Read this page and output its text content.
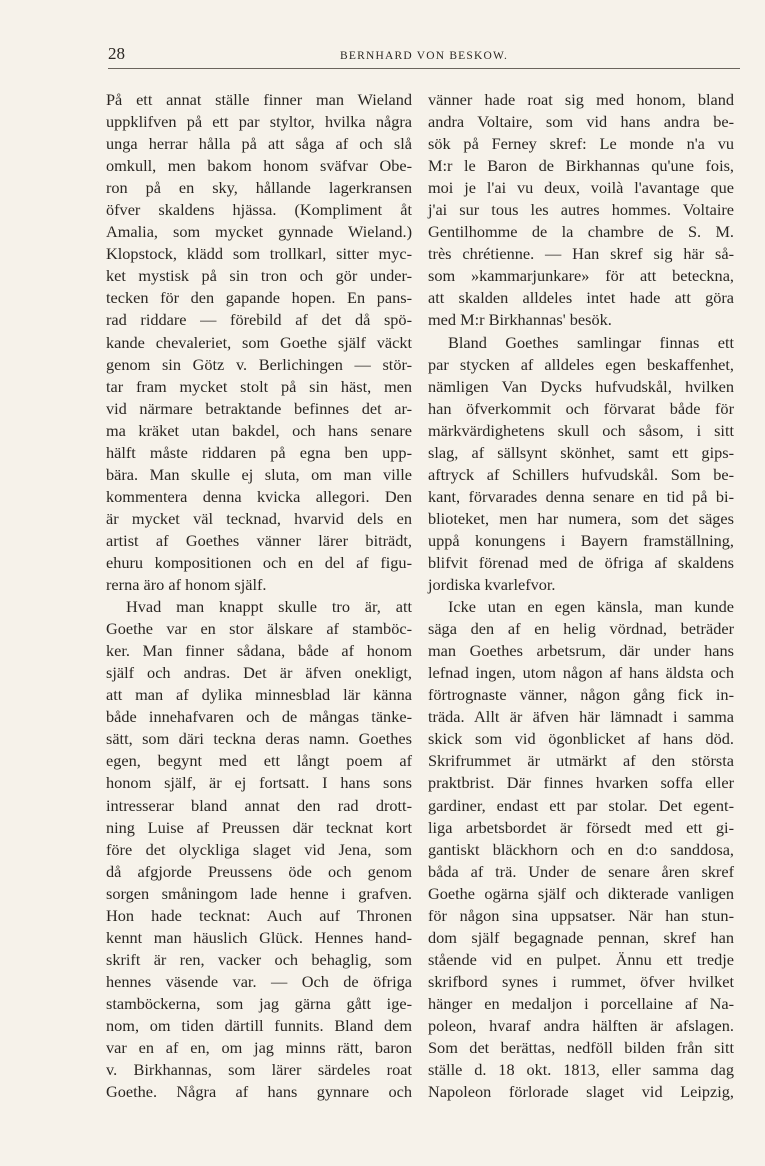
28	BERNHARD VON BESKOW.
På ett annat ställe finner man Wieland
uppklifven på ett par styltor, hvilka några
unga herrar hålla på att såga af och slå
omkull, men bakom honom sväfvar Obe-
ron på en sky, hållande lagerkransen
öfver skaldens hjässa. (Kompliment åt
Amalia, som mycket gynnade Wieland.)
Klopstock, klädd som trollkarl, sitter myc-
ket mystisk på sin tron och gör under-
tecken för den gapande hopen. En pans-
rad riddare — förebild af det då spö-
kande chevaleriet, som Goethe själf väckt
genom sin Götz v. Berlichingen — stör-
tar fram mycket stolt på sin häst, men
vid närmare betraktande befinnes det ar-
ma kräket utan bakdel, och hans senare
hälft måste riddaren på egna ben upp-
bära. Man skulle ej sluta, om man ville
kommentera denna kvicka allegori. Den
är mycket väl tecknad, hvarvid dels en
artist af Goethes vänner lärer biträdt,
ehuru kompositionen och en del af figu-
rerna äro af honom själf.
Hvad man knappt skulle tro är, att
Goethe var en stor älskare af stamböc-
ker. Man finner sådana, både af honom
själf och andras. Det är äfven onekligt,
att man af dylika minnesblad lär känna
både innehafvaren och de mångas tänke-
sätt, som däri teckna deras namn. Goethes
egen, begynt med ett långt poem af
honom själf, är ej fortsatt. I hans sons
intresserar bland annat den rad drott-
ning Luise af Preussen där tecknat kort
före det olyckliga slaget vid Jena, som
då afgjorde Preussens öde och genom
sorgen småningom lade henne i grafven.
Hon hade tecknat: Auch auf Thronen
kennt man häuslich Glück. Hennes hand-
skrift är ren, vacker och behaglig, som
hennes väsende var. — Och de öfriga
stamböckerna, som jag gärna gått ige-
nom, om tiden därtill funnits. Bland dem
var en af en, om jag minns rätt, baron
v. Birkhannas, som lärer särdeles roat
Goethe. Några af hans gynnare och
vänner hade roat sig med honom, bland
andra Voltaire, som vid hans andra be-
sök på Ferney skref: Le monde n'a vu
M:r le Baron de Birkhannas qu'une fois,
moi je l'ai vu deux, voilà l'avantage que
j'ai sur tous les autres hommes. Voltaire
Gentilhomme de la chambre de S. M.
très chrétienne. — Han skref sig här så-
som »kammarjunkare» för att beteckna,
att skalden alldeles intet hade att göra
med M:r Birkhannas' besök.
Bland Goethes samlingar finnas ett
par stycken af alldeles egen beskaffenhet,
nämligen Van Dycks hufvudskål, hvilken
han öfverkommit och förvarat både för
märkvärdighetens skull och såsom, i sitt
slag, af sällsynt skönhet, samt ett gips-
aftryck af Schillers hufvudskål. Som be-
kant, förvarades denna senare en tid på bi-
blioteket, men har numera, som det säges
uppå konungens i Bayern framställning,
blifvit förenad med de öfriga af skaldens
jordiska kvarlefvor.
Icke utan en egen känsla, man kunde
säga den af en helig vördnad, beträder
man Goethes arbetsrum, där under hans
lefnad ingen, utom någon af hans äldsta och
förtrognaste vänner, någon gång fick in-
träda. Allt är äfven här lämnadt i samma
skick som vid ögonblicket af hans död.
Skrifrummet är utmärkt af den största
praktbrist. Där finnes hvarken soffa eller
gardiner, endast ett par stolar. Det egent-
liga arbetsbordet är försedt med ett gi-
gantiskt bläckhorn och en d:o sanddosa,
båda af trä. Under de senare åren skref
Goethe ogärna själf och dikterade vanligen
för någon sina uppsatser. När han stun-
dom själf begagnade pennan, skref han
stående vid en pulpet. Ännu ett tredje
skrifbord synes i rummet, öfver hvilket
hänger en medaljon i porcellaine af Na-
poleon, hvaraf andra hälften är afslagen.
Som det berättas, nedföll bilden från sitt
ställe d. 18 okt. 1813, eller samma dag
Napoleon förlorade slaget vid Leipzig,
